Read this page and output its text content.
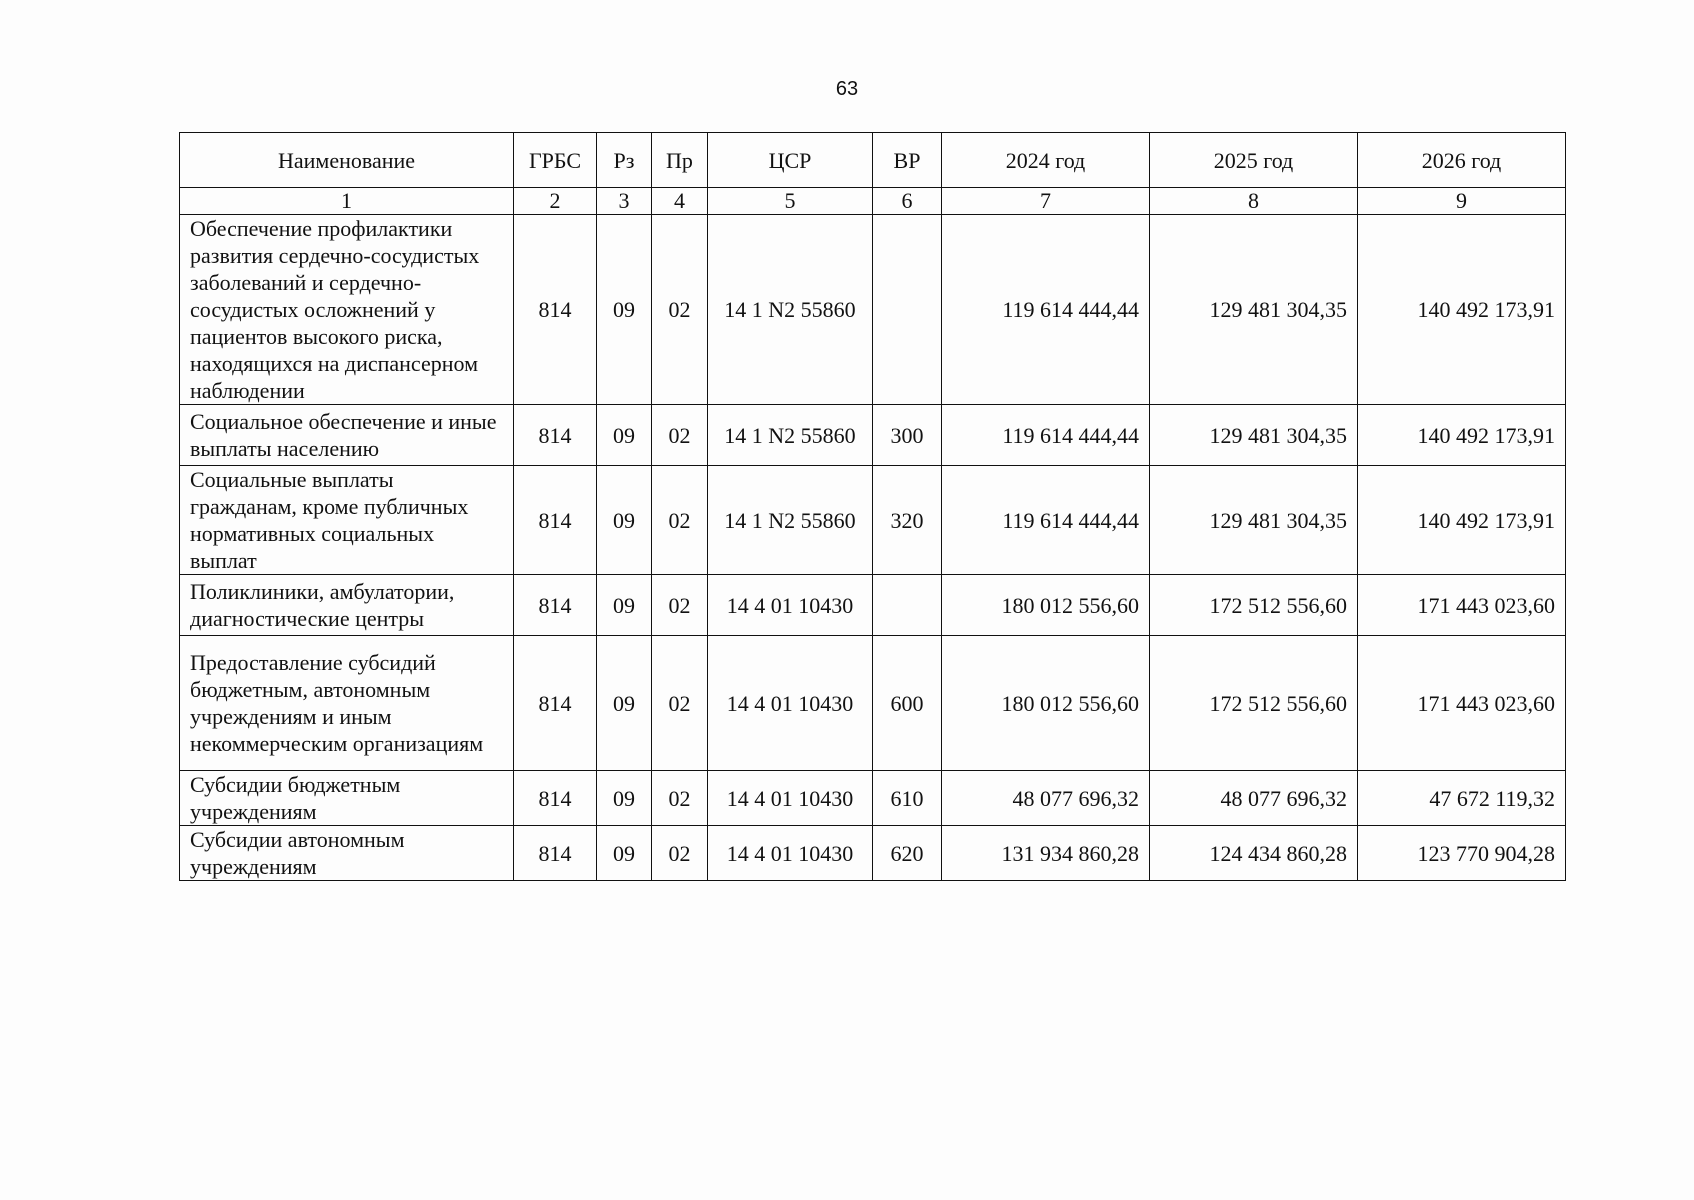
63
Наименование	ГРБС	Рз	Пр	ЦСР	ВР	2024 год	2025 год	2026 год
1	2	3	4	5	6	7	8	9
Обеспечение профилактики развития сердечно-сосудистых заболеваний и сердечно-сосудистых осложнений у пациентов высокого риска, находящихся на диспансерном наблюдении	814	09	02	14 1 N2 55860		119 614 444,44	129 481 304,35	140 492 173,91
Социальное обеспечение и иные выплаты населению	814	09	02	14 1 N2 55860	300	119 614 444,44	129 481 304,35	140 492 173,91
Социальные выплаты гражданам, кроме публичных нормативных социальных выплат	814	09	02	14 1 N2 55860	320	119 614 444,44	129 481 304,35	140 492 173,91
Поликлиники, амбулатории, диагностические центры	814	09	02	14 4 01 10430		180 012 556,60	172 512 556,60	171 443 023,60
Предоставление субсидий бюджетным, автономным учреждениям и иным некоммерческим организациям	814	09	02	14 4 01 10430	600	180 012 556,60	172 512 556,60	171 443 023,60
Субсидии бюджетным учреждениям	814	09	02	14 4 01 10430	610	48 077 696,32	48 077 696,32	47 672 119,32
Субсидии автономным учреждениям	814	09	02	14 4 01 10430	620	131 934 860,28	124 434 860,28	123 770 904,28
